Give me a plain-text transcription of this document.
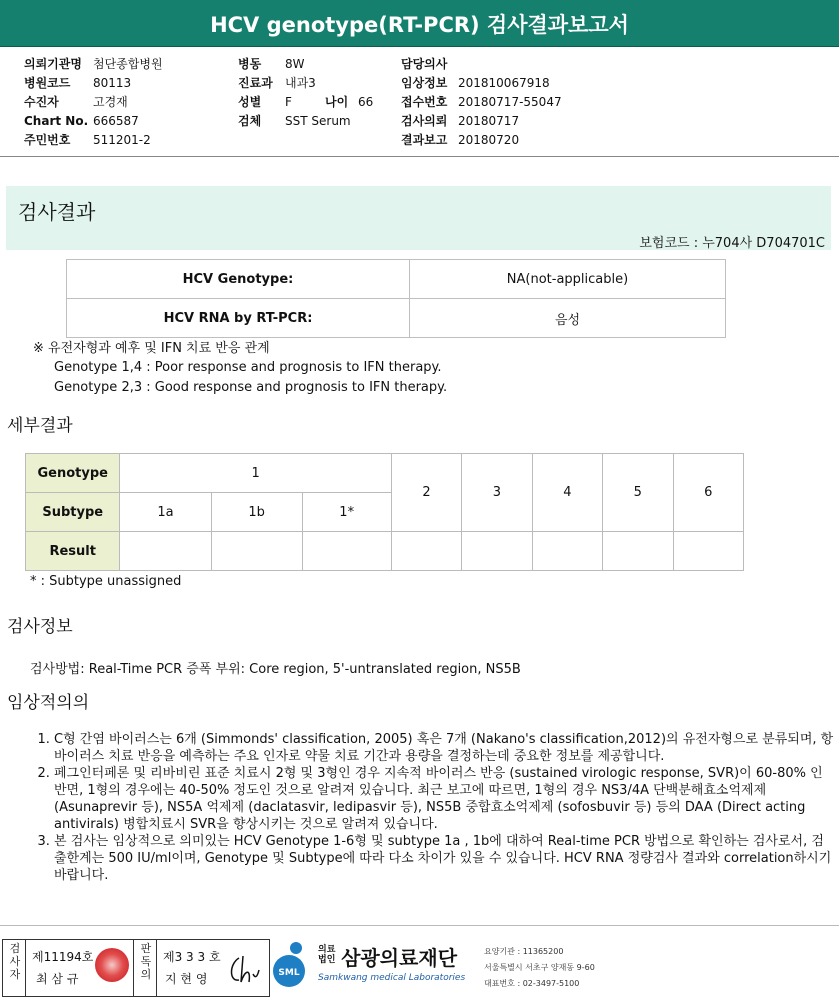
HCV genotype(RT-PCR) 검사결과보고서
의뢰기관명 첨단종합병원
병원코드 80113
수진자	고경재
Chart No. 666587
주민번호 511201-2
병동 8W
진료과 내과3
성별 F	나이 66
검체 SST Serum
담당의사
임상정보 201810067918
접수번호 20180717-55047
검사의뢰 20180717
결과보고 20180720
검사결과
보험코드 : 누704사 D704701C
HCV Genotype:	NA(not-applicable)
HCV RNA by RT-PCR:	음성
※ 유전자형과 예후 및 IFN 치료 반응 관계
Genotype 1,4 : Poor response and prognosis to IFN therapy.
Genotype 2,3 : Good response and prognosis to IFN therapy.
세부결과
Genotype	1			2	3	4	5	6
Subtype	1a	1b	1*					
Result								
* : Subtype unassigned
검사정보
검사방법: Real-Time PCR 증폭 부위: Core region, 5'-untranslated region, NS5B
임상적의의
1. C형 간염 바이러스는 6개 (Simmonds' classification, 2005) 혹은 7개 (Nakano's classification,2012)의 유전자형으로 분류되며, 항바이러스 치료 반응을 예측하는 주요 인자로 약물 치료 기간과 용량을 결정하는데 중요한 정보를 제공합니다.
2. 페그인터페론 및 리바비린 표준 치료시 2형 및 3형인 경우 지속적 바이러스 반응 (sustained virologic response, SVR)이 60-80% 인 반면, 1형의 경우에는 40-50% 정도인 것으로 알려져 있습니다. 최근 보고에 따르면, 1형의 경우 NS3/4A 단백분해효소억제제 (Asunaprevir 등), NS5A 억제제 (daclatasvir, ledipasvir 등), NS5B 중합효소억제제 (sofosbuvir 등) 등의 DAA (Direct acting antivirals) 병합치료시 SVR을 향상시키는 것으로 알려져 있습니다.
3. 본 검사는 임상적으로 의미있는 HCV Genotype 1-6형 및 subtype 1a , 1b에 대하여 Real-time PCR 방법으로 확인하는 검사로서, 검출한계는 500 IU/ml이며, Genotype 및 Subtype에 따라 다소 차이가 있을 수 있습니다. HCV RNA 정량검사 결과와 correlation하시기 바랍니다.
검사자
제11194호
최 삼 규
판독의
제3 3 3 호
지 현 영	SML
의료법인 삼광의료재단
Samkwang medical Laboratories
요양기관 : 11365200
서울특별시 서초구 양재동 9-60
대표번호 : 02-3497-5100
